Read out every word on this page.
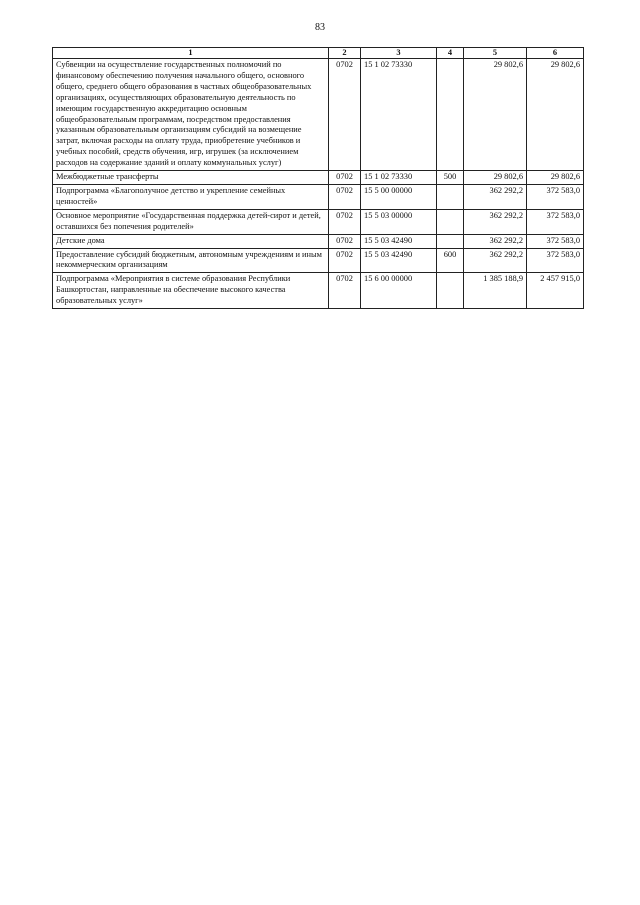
83
1	2	3	4	5	6
Субвенции на осуществление государственных полномочий по финансовому обеспечению получения начального общего, основного общего, среднего общего образования в частных общеобразовательных организациях, осуществляющих образовательную деятельность по имеющим государственную аккредитацию основным общеобразовательным программам, посредством предоставления указанным образовательным организациям субсидий на возмещение затрат, включая расходы на оплату труда, приобретение учебников и учебных пособий, средств обучения, игр, игрушек (за исключением расходов на содержание зданий и оплату коммунальных услуг)	0702	15 1 02 73330		29 802,6	29 802,6
Межбюджетные трансферты	0702	15 1 02 73330	500	29 802,6	29 802,6
Подпрограмма «Благополучное детство и укрепление семейных ценностей»	0702	15 5 00 00000		362 292,2	372 583,0
Основное мероприятие «Государственная поддержка детей-сирот и детей, оставшихся без попечения родителей»	0702	15 5 03 00000		362 292,2	372 583,0
Детские дома	0702	15 5 03 42490		362 292,2	372 583,0
Предоставление субсидий бюджетным, автономным учреждениям и иным некоммерческим организациям	0702	15 5 03 42490	600	362 292,2	372 583,0
Подпрограмма «Мероприятия в системе образования Республики Башкортостан, направленные на обеспечение высокого качества образовательных услуг»	0702	15 6 00 00000		1 385 188,9	2 457 915,0
